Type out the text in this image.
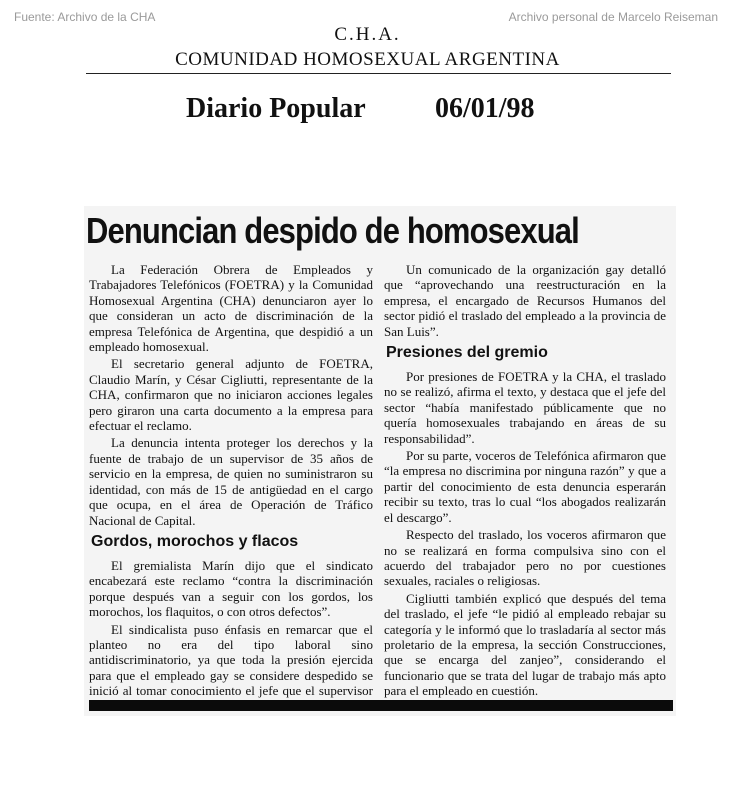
Fuente: Archivo de la CHA	Archivo personal de Marcelo Reiseman
C.H.A.
COMUNIDAD HOMOSEXUAL ARGENTINA
Diario Popular 06/01/98
Denuncian despido de homosexual

La Federación Obrera de Empleados y Trabajadores Telefónicos (FOETRA) y la Comunidad Homosexual Argentina (CHA) denunciaron ayer lo que consideran un acto de discriminación de la empresa Telefónica de Argentina, que despidió a un empleado homosexual.

El secretario general adjunto de FOETRA, Claudio Marín, y César Cigliutti, representante de la CHA, confirmaron que no iniciaron acciones legales pero giraron una carta documento a la empresa para efectuar el reclamo.

La denuncia intenta proteger los derechos y la fuente de trabajo de un supervisor de 35 años de servicio en la empresa, de quien no suministraron su identidad, con más de 15 de antigüedad en el cargo que ocupa, en el área de Operación de Tráfico Nacional de Capital.

Gordos, morochos y flacos

El gremialista Marín dijo que el sindicato encabezará este reclamo “contra la discriminación porque después van a seguir con los gordos, los morochos, los flaquitos, o con otros defectos”.

El sindicalista puso énfasis en remarcar que el planteo no era del tipo laboral sino antidiscriminatorio, ya que toda la presión ejercida para que el empleado gay se considere despedido se inició al tomar conocimiento el jefe que el supervisor

Un comunicado de la organización gay detalló que “aprovechando una reestructuración en la empresa, el encargado de Recursos Humanos del sector pidió el traslado del empleado a la provincia de San Luis”.

Presiones del gremio

Por presiones de FOETRA y la CHA, el traslado no se realizó, afirma el texto, y destaca que el jefe del sector “había manifestado públicamente que no quería homosexuales trabajando en áreas de su responsabilidad”.

Por su parte, voceros de Telefónica afirmaron que “la empresa no discrimina por ninguna razón” y que a partir del conocimiento de esta denuncia esperarán recibir su texto, tras lo cual “los abogados realizarán el descargo”.

Respecto del traslado, los voceros afirmaron que no se realizará en forma compulsiva sino con el acuerdo del trabajador pero no por cuestiones sexuales, raciales o religiosas.

Cigliutti también explicó que después del tema del traslado, el jefe “le pidió al empleado rebajar su categoría y le informó que lo trasladaría al sector más proletario de la empresa, la sección Construcciones, que se encarga del zanjeo”, considerando el funcionario que se trata del lugar de trabajo más apto para el empleado en cuestión.
